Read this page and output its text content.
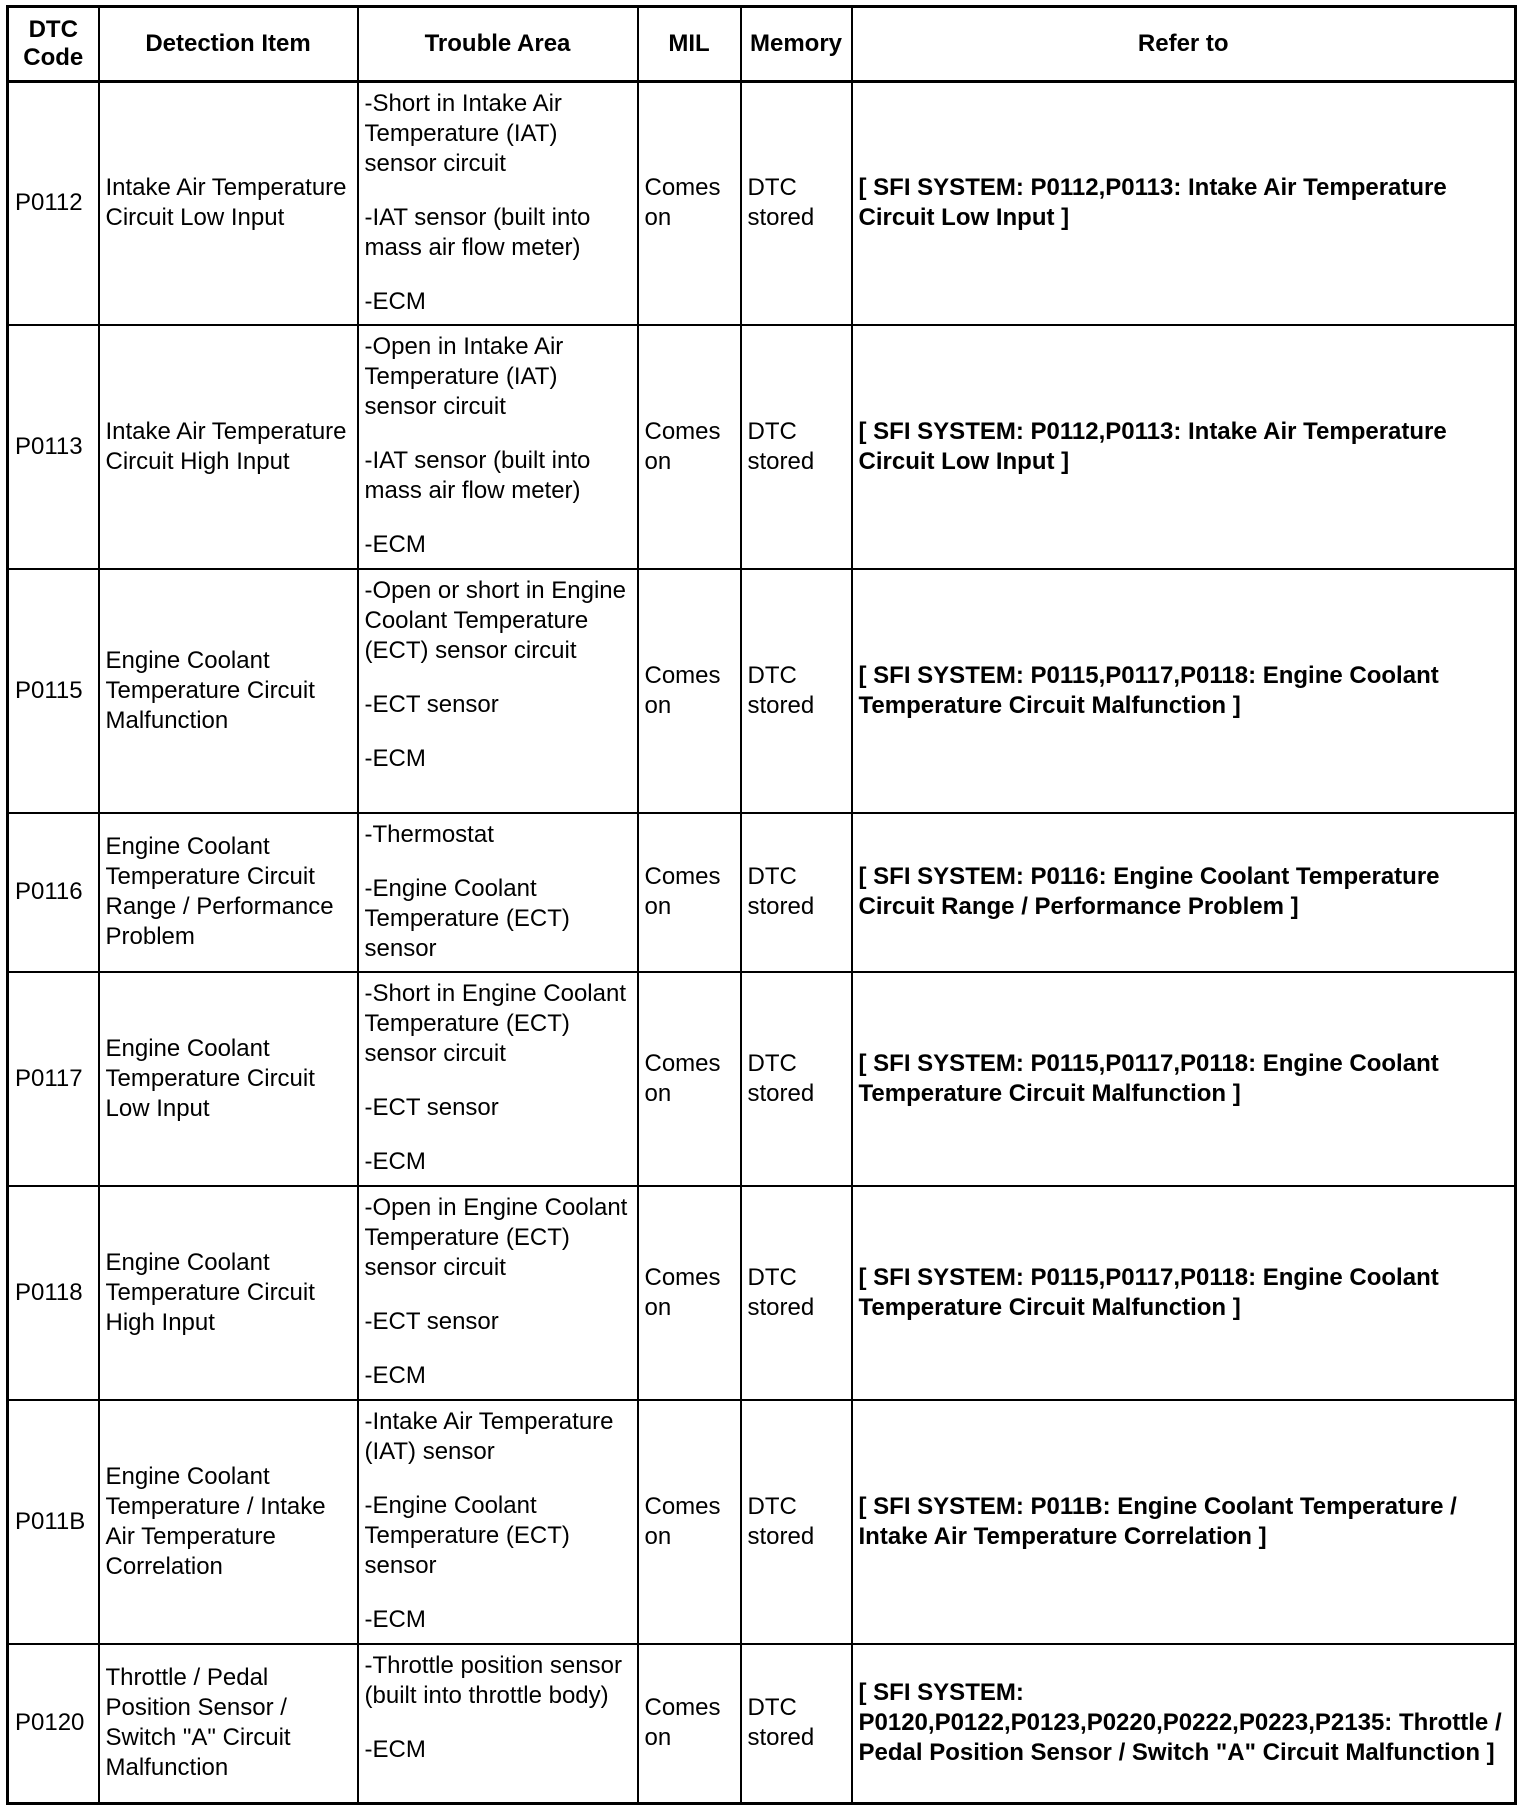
DTC Code	Detection Item	Trouble Area	MIL	Memory	Refer to
P0112	Intake Air Temperature Circuit Low Input	-Short in Intake Air Temperature (IAT) sensor circuit

-IAT sensor (built into mass air flow meter)

-ECM	Comes on	DTC stored	[ SFI SYSTEM: P0112,P0113: Intake Air Temperature Circuit Low Input ]
P0113	Intake Air Temperature Circuit High Input	-Open in Intake Air Temperature (IAT) sensor circuit

-IAT sensor (built into mass air flow meter)

-ECM	Comes on	DTC stored	[ SFI SYSTEM: P0112,P0113: Intake Air Temperature Circuit Low Input ]
P0115	Engine Coolant Temperature Circuit Malfunction	-Open or short in Engine Coolant Temperature (ECT) sensor circuit

-ECT sensor

-ECM	Comes on	DTC stored	[ SFI SYSTEM: P0115,P0117,P0118: Engine Coolant Temperature Circuit Malfunction ]
P0116	Engine Coolant Temperature Circuit Range / Performance Problem	-Thermostat

-Engine Coolant Temperature (ECT) sensor	Comes on	DTC stored	[ SFI SYSTEM: P0116: Engine Coolant Temperature Circuit Range / Performance Problem ]
P0117	Engine Coolant Temperature Circuit Low Input	-Short in Engine Coolant Temperature (ECT) sensor circuit

-ECT sensor

-ECM	Comes on	DTC stored	[ SFI SYSTEM: P0115,P0117,P0118: Engine Coolant Temperature Circuit Malfunction ]
P0118	Engine Coolant Temperature Circuit High Input	-Open in Engine Coolant Temperature (ECT) sensor circuit

-ECT sensor

-ECM	Comes on	DTC stored	[ SFI SYSTEM: P0115,P0117,P0118: Engine Coolant Temperature Circuit Malfunction ]
P011B	Engine Coolant Temperature / Intake Air Temperature Correlation	-Intake Air Temperature (IAT) sensor

-Engine Coolant Temperature (ECT) sensor

-ECM	Comes on	DTC stored	[ SFI SYSTEM: P011B: Engine Coolant Temperature / Intake Air Temperature Correlation ]
P0120	Throttle / Pedal Position Sensor / Switch "A" Circuit Malfunction	-Throttle position sensor (built into throttle body)

-ECM	Comes on	DTC stored	[ SFI SYSTEM: P0120,P0122,P0123,P0220,P0222,P0223,P2135: Throttle / Pedal Position Sensor / Switch "A" Circuit Malfunction ]
